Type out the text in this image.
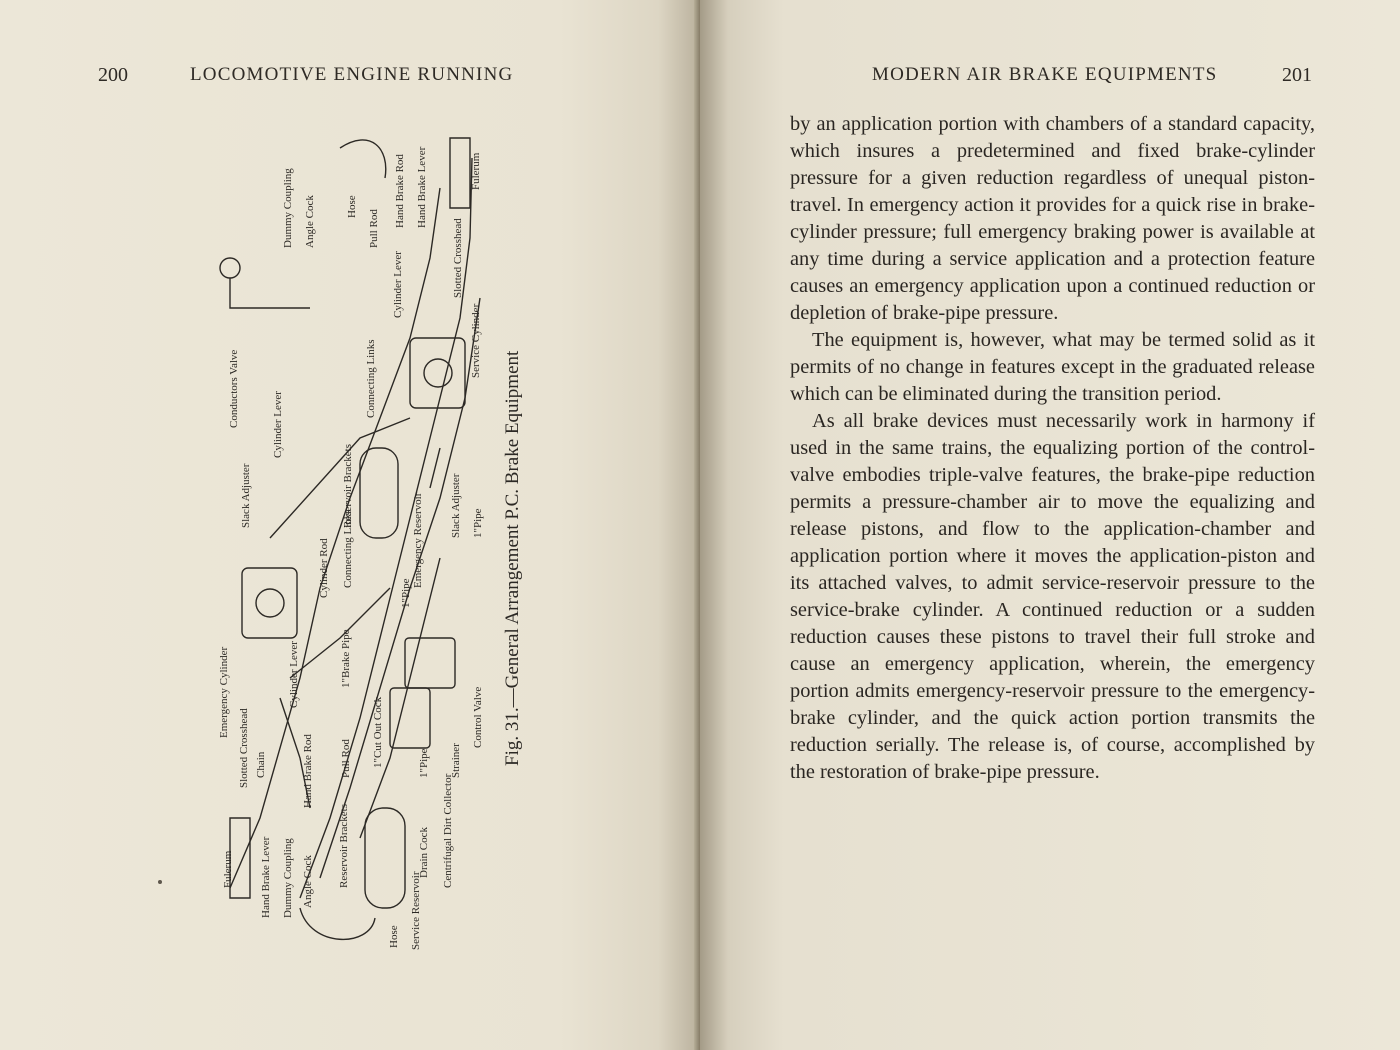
200	LOCOMOTIVE ENGINE RUNNING
Fulerum Hand Brake Lever Dummy Coupling Angle Cock
Hose Service Reservoir
Reservoir Brackets	Drain Cock Centrifugal Dirt Collector
Strainer
Control Valve
1"Pipe
1"Cut Out Cock
Pull Rod
Hand Brake Rod
Chain
Slotted Crosshead
Emergency Cylinder	Cylinder Lever	1"Brake Pipe
1"Pipe
Connecting Links
Cylinder Rod	Emergency Reservoir
Reservoir Brackets
Slack Adjuster	Slack Adjuster 1"Pipe
Cylinder Lever
Conductors Valve	Connecting Links	Service Cylinder
Cylinder Lever	Slotted Crosshead
Pull Rod
Hose
Angle Cock
Dummy Coupling	Hand Brake Rod Hand Brake Lever	Fulerum
Fig. 31.—General Arrangement P.C. Brake Equipment
MODERN AIR BRAKE EQUIPMENTS	201

by an application portion with chambers of a standard capacity, which insures a predetermined and fixed brake-cylinder pressure for a given reduction regardless of unequal piston-travel. In emergency action it provides for a quick rise in brake-cylinder pressure; full emergency braking power is available at any time during a service application and a protection feature causes an emergency application upon a continued reduction or depletion of brake-pipe pressure.

The equipment is, however, what may be termed solid as it permits of no change in features except in the graduated release which can be eliminated during the transition period.

As all brake devices must necessarily work in harmony if used in the same trains, the equalizing portion of the control-valve embodies triple-valve features, the brake-pipe reduction permits a pressure-chamber air to move the equalizing and release pistons, and flow to the application-chamber and application portion where it moves the application-piston and its attached valves, to admit service-reservoir pressure to the service-brake cylinder. A continued reduction or a sudden reduction causes these pistons to travel their full stroke and cause an emergency application, wherein, the emergency portion admits emergency-reservoir pressure to the emergency-brake cylinder, and the quick action portion transmits the reduction serially. The release is, of course, accomplished by the restoration of brake-pipe pressure.
